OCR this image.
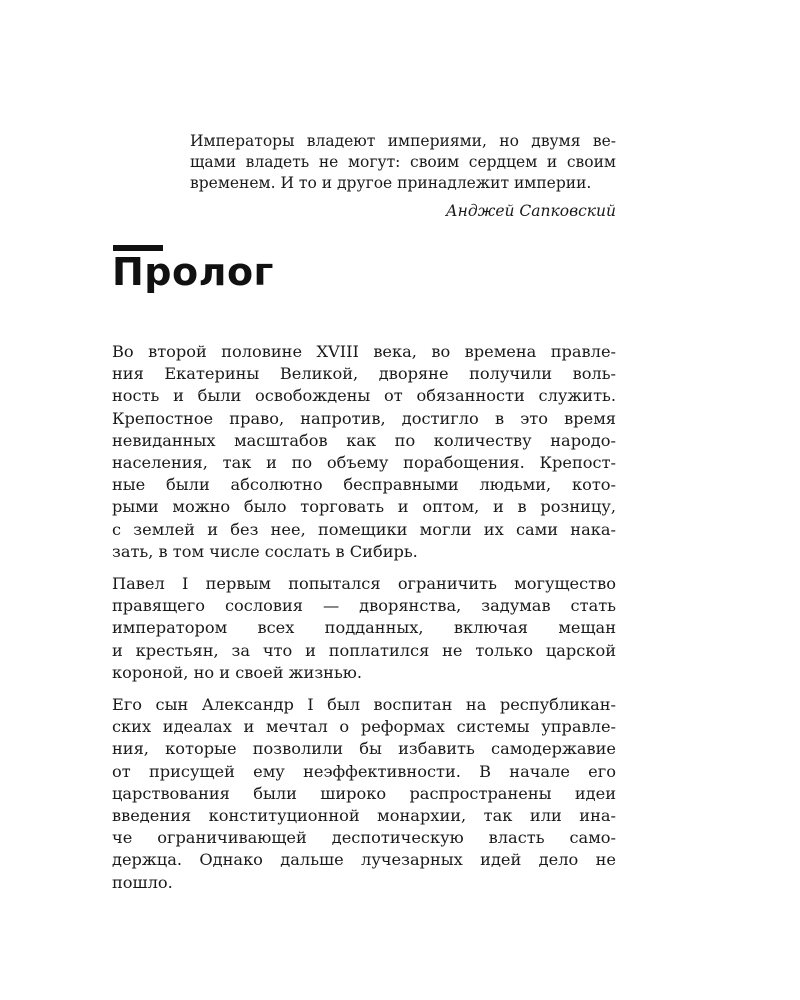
Императоры владеют империями, но двумя ве-
щами владеть не могут: своим сердцем и своим
временем. И то и другое принадлежит империи.
Анджей Сапковский
Пролог

Во второй половине XVIII века, во времена правле-
ния Екатерины Великой, дворяне получили воль-
ность и были освобождены от обязанности служить.
Крепостное право, напротив, достигло в это время
невиданных масштабов как по количеству народо-
населения, так и по объему порабощения. Крепост-
ные были абсолютно бесправными людьми, кото-
рыми можно было торговать и оптом, и в розницу,
с землей и без нее, помещики могли их сами нака-
зать, в том числе сослать в Сибирь.

Павел I первым попытался ограничить могущество
правящего сословия — дворянства, задумав стать
императором всех подданных, включая мещан
и крестьян, за что и поплатился не только царской
короной, но и своей жизнью.

Его сын Александр I был воспитан на республикан-
ских идеалах и мечтал о реформах системы управле-
ния, которые позволили бы избавить самодержавие
от присущей ему неэффективности. В начале его
царствования были широко распространены идеи
введения конституционной монархии, так или ина-
че ограничивающей деспотическую власть само-
держца. Однако дальше лучезарных идей дело не
пошло.
